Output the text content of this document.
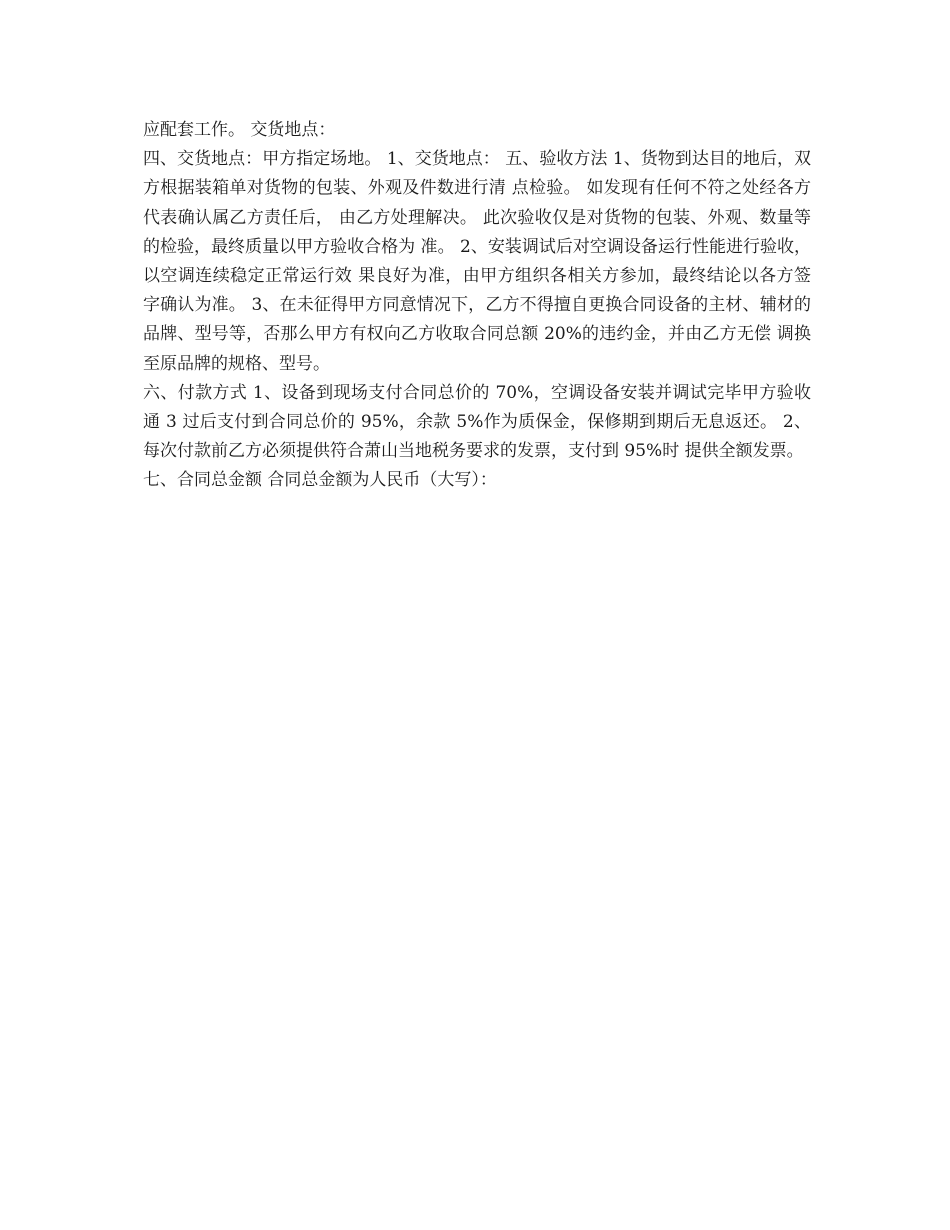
应配套工作。 交货地点：

四、交货地点：甲方指定场地。 1、交货地点： 五、验收方法 1、货物到达目的地后，双方根据装箱单对货物的包装、外观及件数进行清 点检验。 如发现有任何不符之处经各方代表确认属乙方责任后， 由乙方处理解决。 此次验收仅是对货物的包装、外观、数量等的检验，最终质量以甲方验收合格为 准。 2、安装调试后对空调设备运行性能进行验收，以空调连续稳定正常运行效 果良好为准，由甲方组织各相关方参加，最终结论以各方签字确认为准。 3、在未征得甲方同意情况下，乙方不得擅自更换合同设备的主材、辅材的 品牌、型号等，否那么甲方有权向乙方收取合同总额 20%的违约金，并由乙方无偿 调换至原品牌的规格、型号。

六、付款方式 1、设备到现场支付合同总价的 70%，空调设备安装并调试完毕甲方验收通 3 过后支付到合同总价的 95%，余款 5%作为质保金，保修期到期后无息返还。 2、每次付款前乙方必须提供符合萧山当地税务要求的发票，支付到 95%时 提供全额发票。

七、合同总金额 合同总金额为人民币（大写）：
